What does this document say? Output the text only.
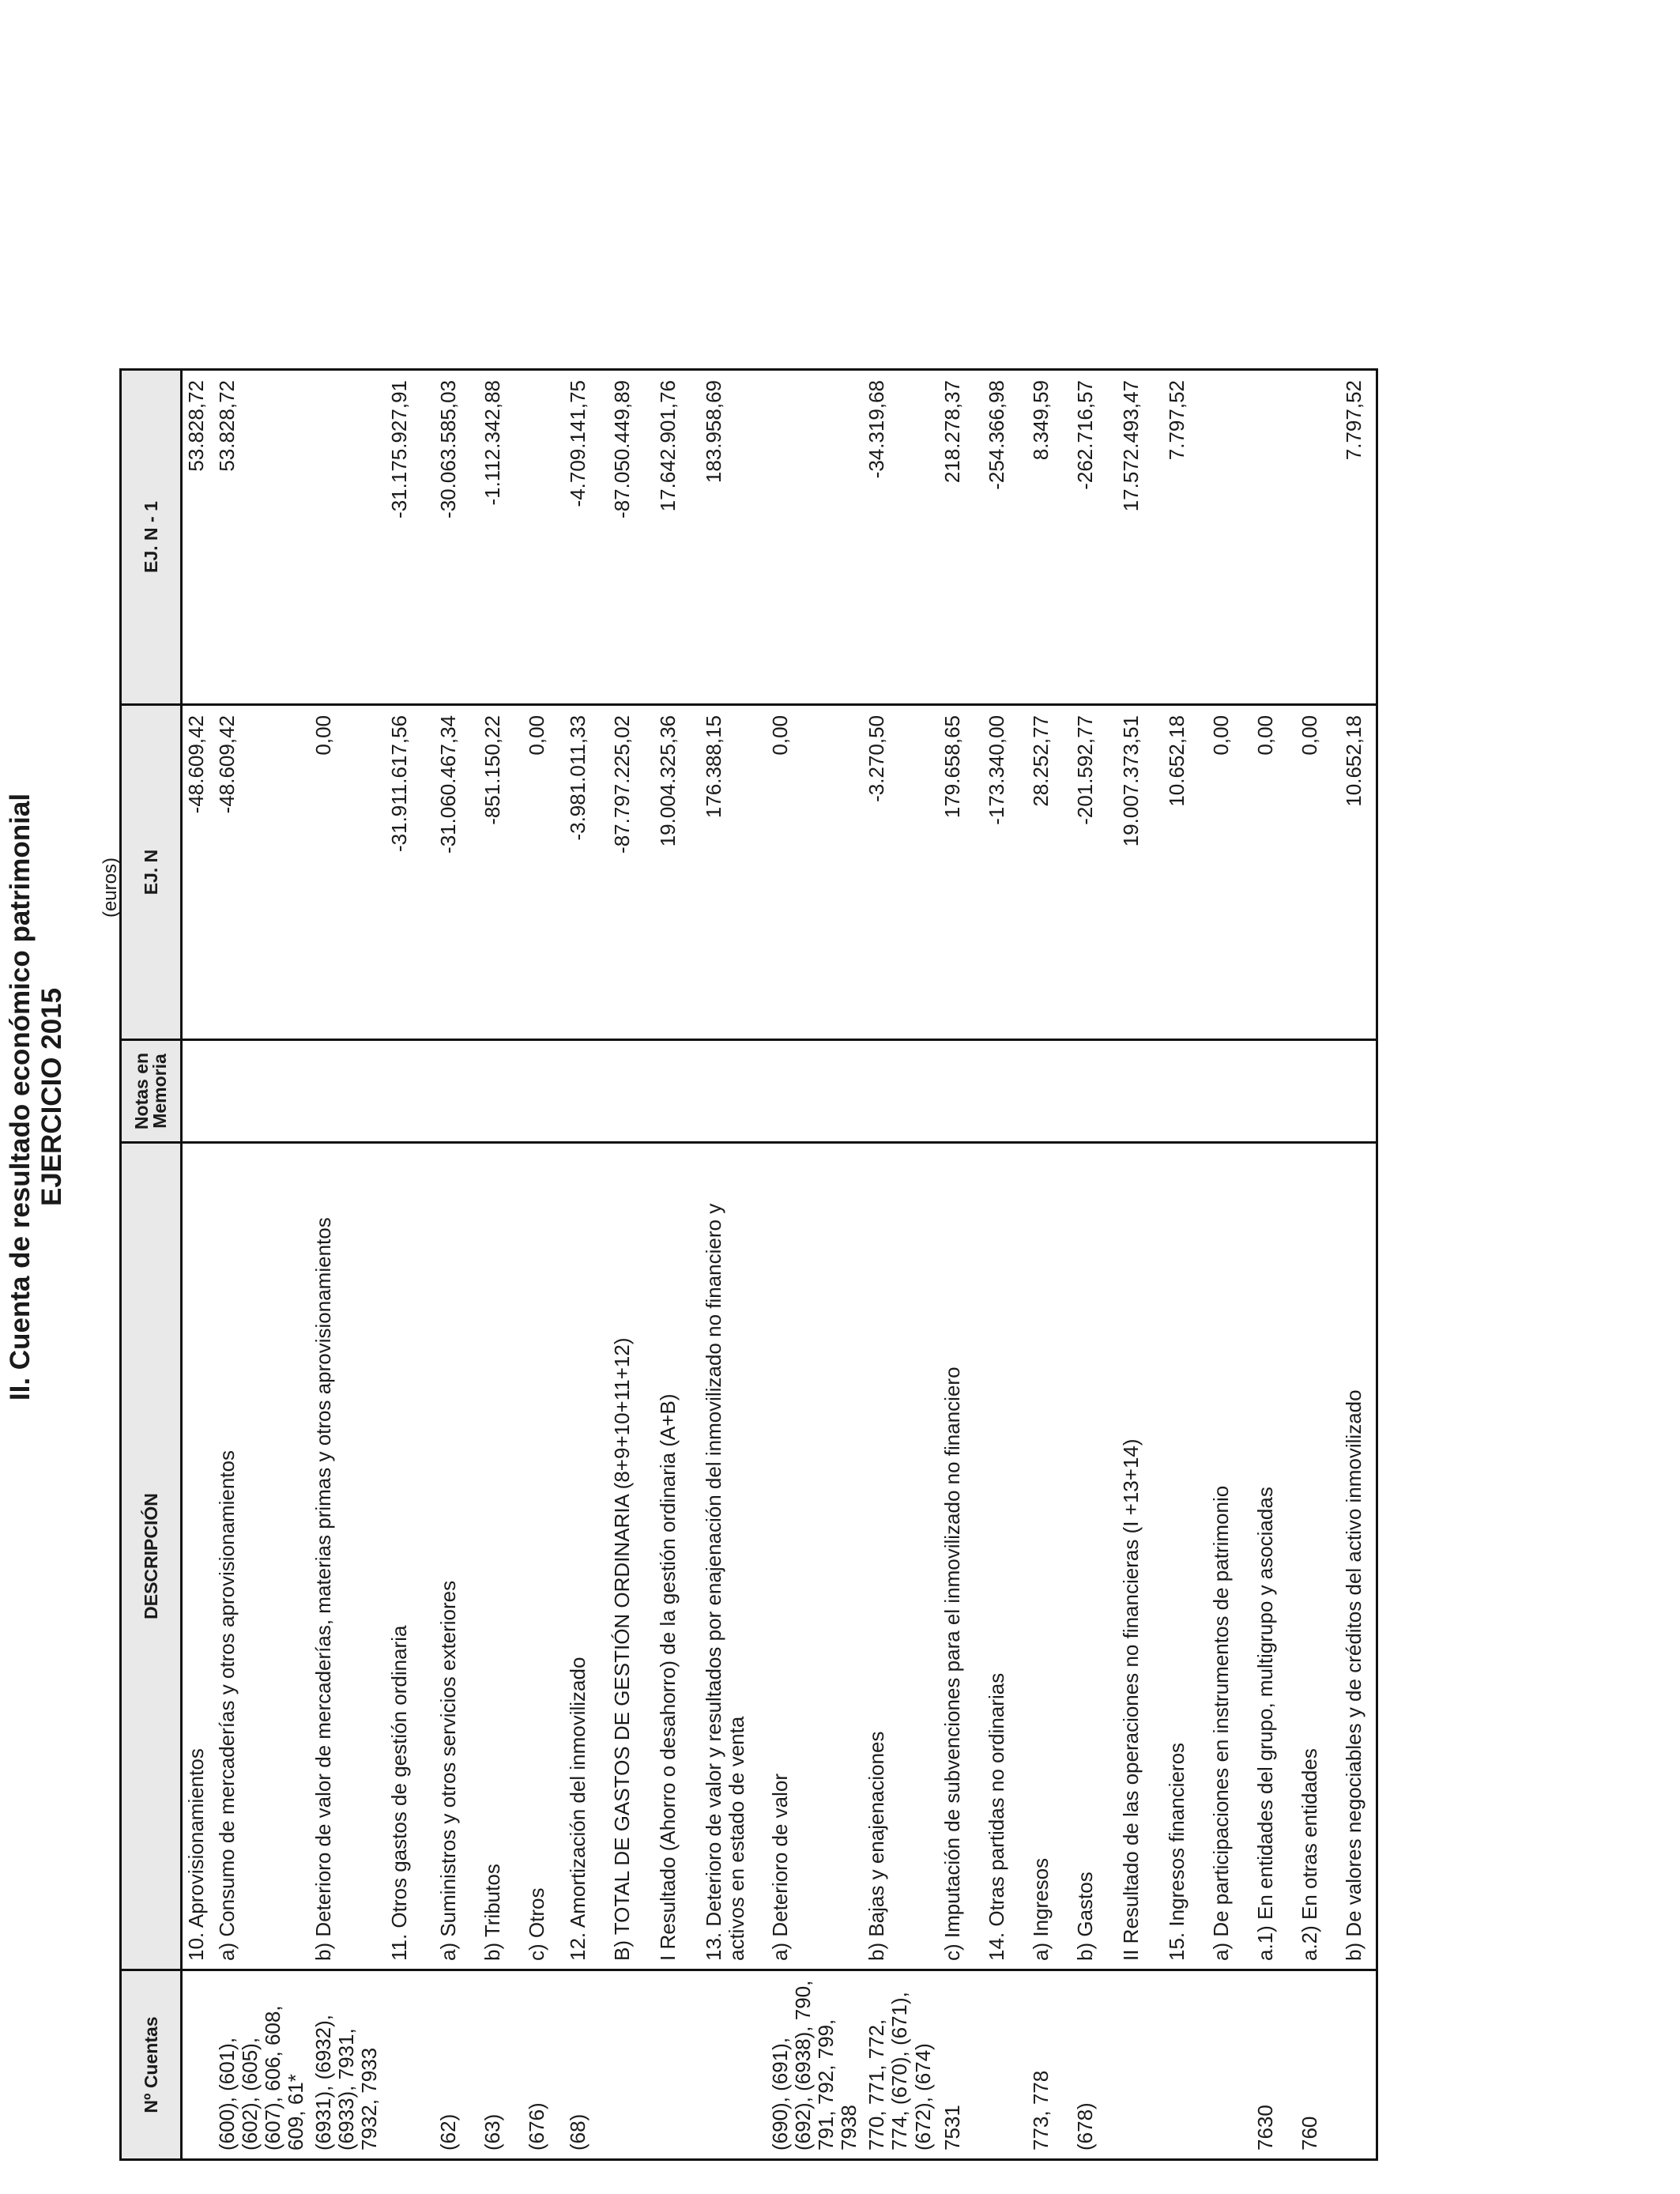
II. Cuenta de resultado económico patrimonial EJERCICIO 2015
(euros)
Nº Cuentas	DESCRIPCIÓN	Notas en Memoria	EJ. N	EJ. N - 1
	10. Aprovisionamientos		-48.609,42	53.828,72
(600), (601), (602), (605), (607), 606, 608, 609, 61*	a) Consumo de mercaderías y otros aprovisionamientos		-48.609,42	53.828,72
(6931), (6932), (6933), 7931, 7932, 7933	b) Deterioro de valor de mercaderías, materias primas y otros aprovisionamientos		0,00	
	11. Otros gastos de gestión ordinaria		-31.911.617,56	-31.175.927,91
(62)	a) Suministros y otros servicios exteriores		-31.060.467,34	-30.063.585,03
(63)	b) Tributos		-851.150,22	-1.112.342,88
(676)	c) Otros		0,00	
(68)	12. Amortización del inmovilizado		-3.981.011,33	-4.709.141,75
	B) TOTAL DE GASTOS DE GESTIÓN ORDINARIA (8+9+10+11+12)		-87.797.225,02	-87.050.449,89
	I Resultado (Ahorro o desahorro) de la gestión ordinaria (A+B)		19.004.325,36	17.642.901,76
	13. Deterioro de valor y resultados por enajenación del inmovilizado no financiero y activos en estado de venta		176.388,15	183.958,69
(690), (691), (692), (6938), 790, 791, 792, 799, 7938	a) Deterioro de valor		0,00	
770, 771, 772, 774, (670), (671), (672), (674)	b) Bajas y enajenaciones		-3.270,50	-34.319,68
7531	c) Imputación de subvenciones para el inmovilizado no financiero		179.658,65	218.278,37
	14. Otras partidas no ordinarias		-173.340,00	-254.366,98
773, 778	a) Ingresos		28.252,77	8.349,59
(678)	b) Gastos		-201.592,77	-262.716,57
	II Resultado de las operaciones no financieras (I +13+14)		19.007.373,51	17.572.493,47
	15. Ingresos financieros		10.652,18	7.797,52
	a) De participaciones en instrumentos de patrimonio		0,00	
7630	a.1) En entidades del grupo, multigrupo y asociadas		0,00	
760	a.2) En otras entidades		0,00	
	b) De valores negociables y de créditos del activo inmovilizado		10.652,18	7.797,52
